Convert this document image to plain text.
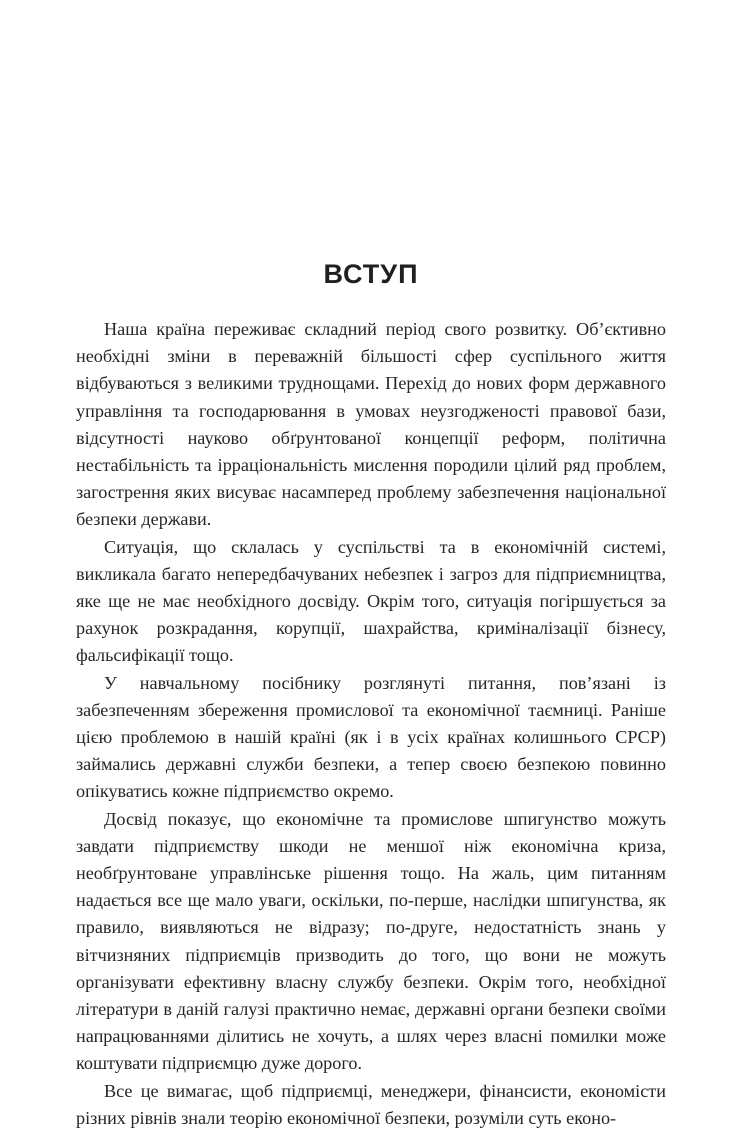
ВСТУП

Наша країна переживає складний період свого розвитку. Об’єктивно необхідні зміни в переважній більшості сфер суспільного життя відбуваються з великими труднощами. Перехід до нових форм державного управління та господарювання в умовах неузгодженості правової бази, відсутності науково обґрунтованої концепції реформ, політична нестабільність та ірраціональність мислення породили цілий ряд проблем, загострення яких висуває насамперед проблему забезпечення національної безпеки держави.

Ситуація, що склалась у суспільстві та в економічній системі, викликала багато непередбачуваних небезпек і загроз для підприємництва, яке ще не має необхідного досвіду. Окрім того, ситуація погіршується за рахунок розкрадання, корупції, шахрайства, криміналізації бізнесу, фальсифікації тощо.

У навчальному посібнику розглянуті питання, пов’язані із забезпеченням збереження промислової та економічної таємниці. Раніше цією проблемою в нашій країні (як і в усіх країнах колишнього СРСР) займались державні служби безпеки, а тепер своєю безпекою повинно опікуватись кожне підприємство окремо.

Досвід показує, що економічне та промислове шпигунство можуть завдати підприємству шкоди не меншої ніж економічна криза, необґрунтоване управлінське рішення тощо. На жаль, цим питанням надається все ще мало уваги, оскільки, по-перше, наслідки шпигунства, як правило, виявляються не відразу; по-друге, недостатність знань у вітчизняних підприємців призводить до того, що вони не можуть організувати ефективну власну службу безпеки. Окрім того, необхідної літератури в даній галузі практично немає, державні органи безпеки своїми напрацюваннями ділитись не хочуть, а шлях через власні помилки може коштувати підприємцю дуже дорого.

Все це вимагає, щоб підприємці, менеджери, фінансисти, економісти різних рівнів знали теорію економічної безпеки, розуміли суть еконо-
